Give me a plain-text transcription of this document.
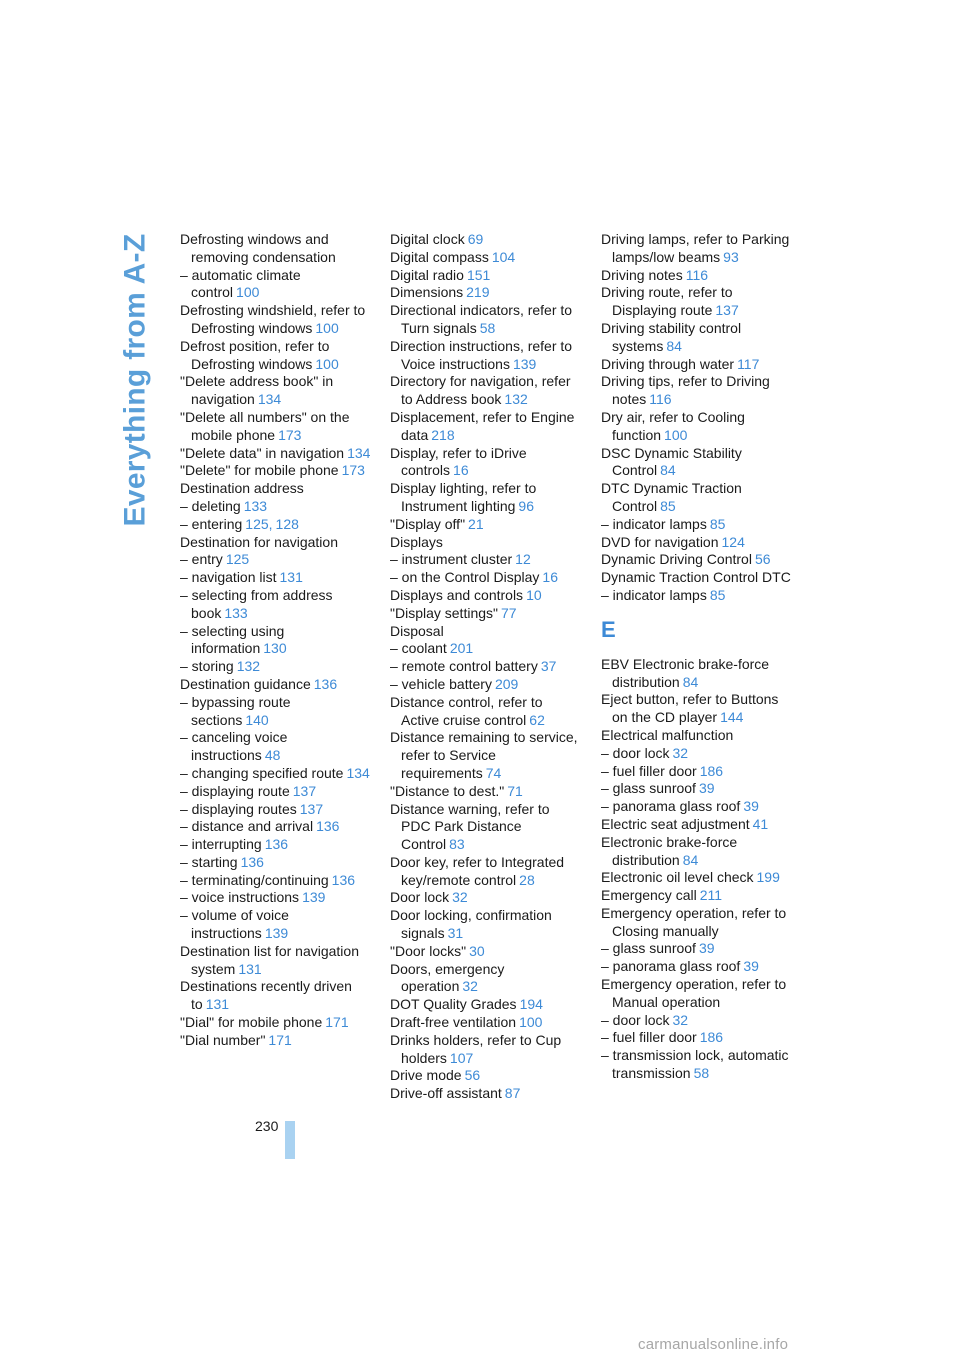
Everything from A-Z Defrosting windows and removing condensation
– automatic climate control 100
Defrosting windshield, refer to Defrosting windows 100
Defrost position, refer to Defrosting windows 100
"Delete address book" in navigation 134
"Delete all numbers" on the mobile phone 173
"Delete data" in navigation 134
"Delete" for mobile phone 173
Destination address
– deleting 133
– entering 125, 128
Destination for navigation
– entry 125
– navigation list 131
– selecting from address book 133
– selecting using information 130
– storing 132
Destination guidance 136
– bypassing route sections 140
– canceling voice instructions 48
– changing specified route 134
– displaying route 137
– displaying routes 137
– distance and arrival 136
– interrupting 136
– starting 136
– terminating/continuing 136
– voice instructions 139
– volume of voice instructions 139
Destination list for navigation system 131
Destinations recently driven to 131
"Dial" for mobile phone 171
"Dial number" 171
Digital clock 69
Digital compass 104
Digital radio 151
Dimensions 219
Directional indicators, refer to Turn signals 58
Direction instructions, refer to Voice instructions 139
Directory for navigation, refer to Address book 132
Displacement, refer to Engine data 218
Display, refer to iDrive controls 16
Display lighting, refer to Instrument lighting 96
"Display off" 21
Displays
– instrument cluster 12
– on the Control Display 16
Displays and controls 10
"Display settings" 77
Disposal
– coolant 201
– remote control battery 37
– vehicle battery 209
Distance control, refer to Active cruise control 62
Distance remaining to service, refer to Service requirements 74
"Distance to dest." 71
Distance warning, refer to PDC Park Distance Control 83
Door key, refer to Integrated key/remote control 28
Door lock 32
Door locking, confirmation signals 31
"Door locks" 30
Doors, emergency operation 32
DOT Quality Grades 194
Draft-free ventilation 100
Drinks holders, refer to Cup holders 107
Drive mode 56
Drive-off assistant 87
Driving lamps, refer to Parking lamps/low beams 93
Driving notes 116
Driving route, refer to Displaying route 137
Driving stability control systems 84
Driving through water 117
Driving tips, refer to Driving notes 116
Dry air, refer to Cooling function 100
DSC Dynamic Stability Control 84
DTC Dynamic Traction Control 85
– indicator lamps 85
DVD for navigation 124
Dynamic Driving Control 56
Dynamic Traction Control DTC
– indicator lamps 85
E
EBV Electronic brake-force distribution 84
Eject button, refer to Buttons on the CD player 144
Electrical malfunction
– door lock 32
– fuel filler door 186
– glass sunroof 39
– panorama glass roof 39
Electric seat adjustment 41
Electronic brake-force distribution 84
Electronic oil level check 199
Emergency call 211
Emergency operation, refer to Closing manually
– glass sunroof 39
– panorama glass roof 39
Emergency operation, refer to Manual operation
– door lock 32
– fuel filler door 186
– transmission lock, automatic transmission 58
230
carmanualsonline.info
